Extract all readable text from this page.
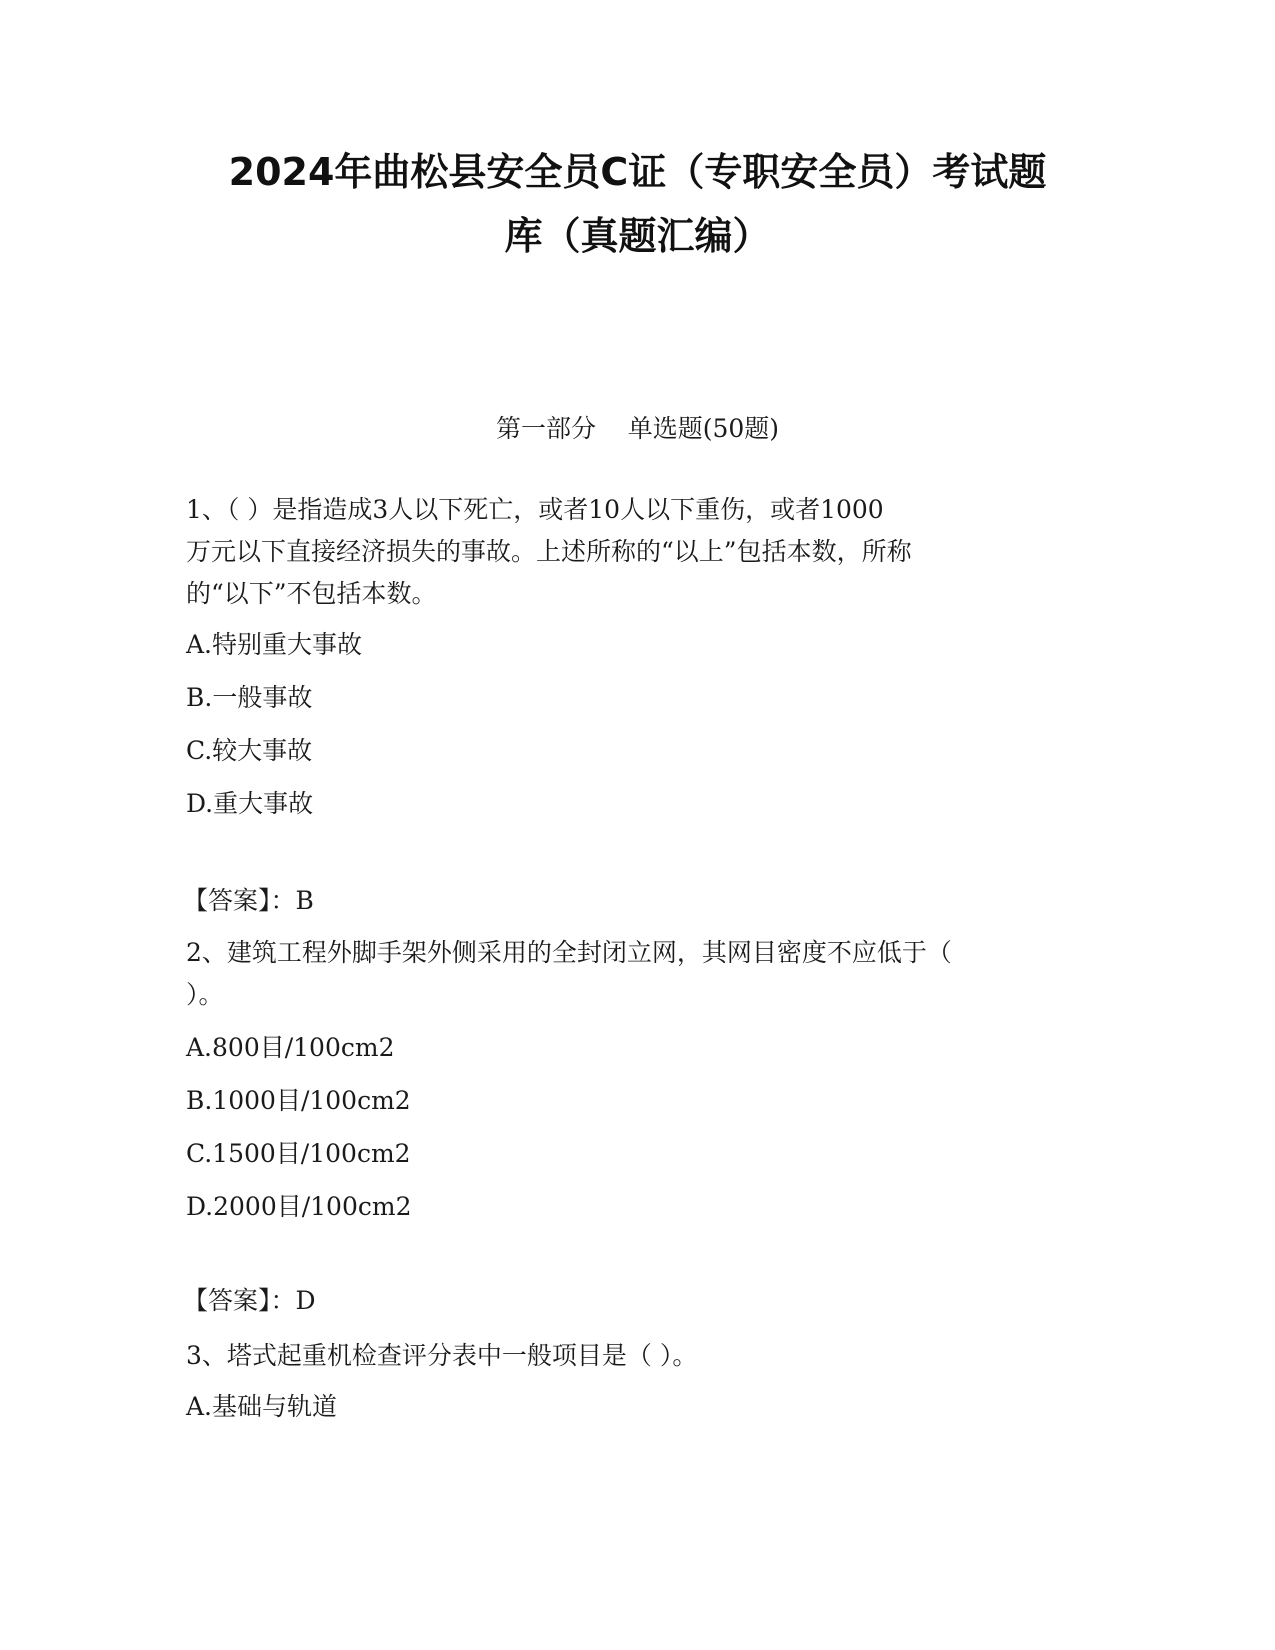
2024年曲松县安全员C证（专职安全员）考试题
库（真题汇编）
第一部分    单选题(50题)
1、（ ）是指造成3人以下死亡，或者10人以下重伤，或者1000
万元以下直接经济损失的事故。上述所称的“以上”包括本数，所称
的“以下”不包括本数。
A.特别重大事故
B.一般事故
C.较大事故
D.重大事故
【答案】：B
2、建筑工程外脚手架外侧采用的全封闭立网，其网目密度不应低于（
）。
A.800目/100cm2
B.1000目/100cm2
C.1500目/100cm2
D.2000目/100cm2
【答案】：D
3、塔式起重机检查评分表中一般项目是（ ）。
A.基础与轨道
